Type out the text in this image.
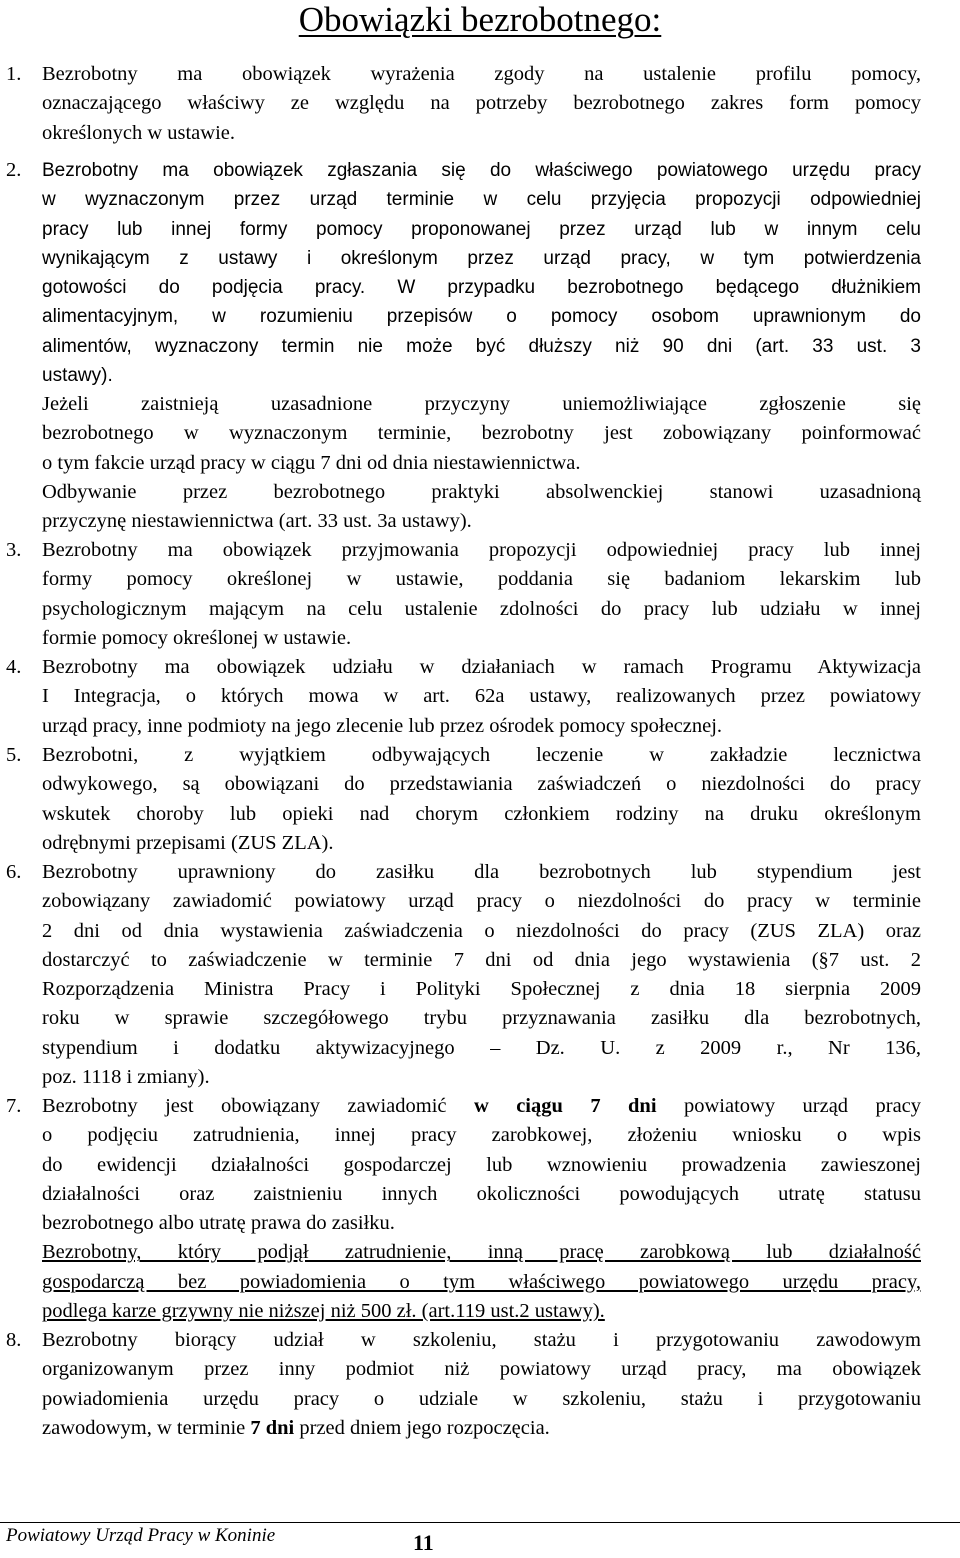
Obowiązki bezrobotnego:
1. Bezrobotny ma obowiązek wyrażenia zgody na ustalenie profilu pomocy,
oznaczającego właściwy ze względu na potrzeby bezrobotnego zakres form pomocy
określonych w ustawie.
2. Bezrobotny ma obowiązek zgłaszania się do właściwego powiatowego urzędu pracy
w wyznaczonym przez urząd terminie w celu przyjęcia propozycji odpowiedniej
pracy lub innej formy pomocy proponowanej przez urząd lub w innym celu
wynikającym z ustawy i określonym przez urząd pracy, w tym potwierdzenia
gotowości do podjęcia pracy. W przypadku bezrobotnego będącego dłużnikiem
alimentacyjnym, w rozumieniu przepisów o pomocy osobom uprawnionym do
alimentów, wyznaczony termin nie może być dłuższy niż 90 dni (art. 33 ust. 3
ustawy).
Jeżeli zaistnieją uzasadnione przyczyny uniemożliwiające zgłoszenie się
bezrobotnego w wyznaczonym terminie, bezrobotny jest zobowiązany poinformować
o tym fakcie urząd pracy w ciągu 7 dni od dnia niestawiennictwa.
Odbywanie przez bezrobotnego praktyki absolwenckiej stanowi uzasadnioną
przyczynę niestawiennictwa (art. 33 ust. 3a ustawy).
3. Bezrobotny ma obowiązek przyjmowania propozycji odpowiedniej pracy lub innej
formy pomocy określonej w ustawie, poddania się badaniom lekarskim lub
psychologicznym mającym na celu ustalenie zdolności do pracy lub udziału w innej
formie pomocy określonej w ustawie.
4. Bezrobotny ma obowiązek udziału w działaniach w ramach Programu Aktywizacja
I Integracja, o których mowa w art. 62a ustawy, realizowanych przez powiatowy
urząd pracy, inne podmioty na jego zlecenie lub przez ośrodek pomocy społecznej.
5. Bezrobotni, z wyjątkiem odbywających leczenie w zakładzie lecznictwa
odwykowego, są obowiązani do przedstawiania zaświadczeń o niezdolności do pracy
wskutek choroby lub opieki nad chorym członkiem rodziny na druku określonym
odrębnymi przepisami (ZUS ZLA).
6. Bezrobotny uprawniony do zasiłku dla bezrobotnych lub stypendium jest
zobowiązany zawiadomić powiatowy urząd pracy o niezdolności do pracy w terminie
2 dni od dnia wystawienia zaświadczenia o niezdolności do pracy (ZUS ZLA) oraz
dostarczyć to zaświadczenie w terminie 7 dni od dnia jego wystawienia (§7 ust. 2
Rozporządzenia Ministra Pracy i Polityki Społecznej z dnia 18 sierpnia 2009
roku w sprawie szczegółowego trybu przyznawania zasiłku dla bezrobotnych,
stypendium i dodatku aktywizacyjnego – Dz. U. z 2009 r., Nr 136,
poz. 1118 i zmiany).
7. Bezrobotny jest obowiązany zawiadomić w ciągu 7 dni powiatowy urząd pracy
o podjęciu zatrudnienia, innej pracy zarobkowej, złożeniu wniosku o wpis
do ewidencji działalności gospodarczej lub wznowieniu prowadzenia zawieszonej
działalności oraz zaistnieniu innych okoliczności powodujących utratę statusu
bezrobotnego albo utratę prawa do zasiłku.
Bezrobotny, który podjął zatrudnienie, inną pracę zarobkową lub działalność
gospodarczą bez powiadomienia o tym właściwego powiatowego urzędu pracy,
podlega karze grzywny nie niższej niż 500 zł. (art.119 ust.2 ustawy).
8. Bezrobotny biorący udział w szkoleniu, stażu i przygotowaniu zawodowym
organizowanym przez inny podmiot niż powiatowy urząd pracy, ma obowiązek
powiadomienia urzędu pracy o udziale w szkoleniu, stażu i przygotowaniu
zawodowym, w terminie 7 dni przed dniem jego rozpoczęcia.
Powiatowy Urząd Pracy w Koninie	11
